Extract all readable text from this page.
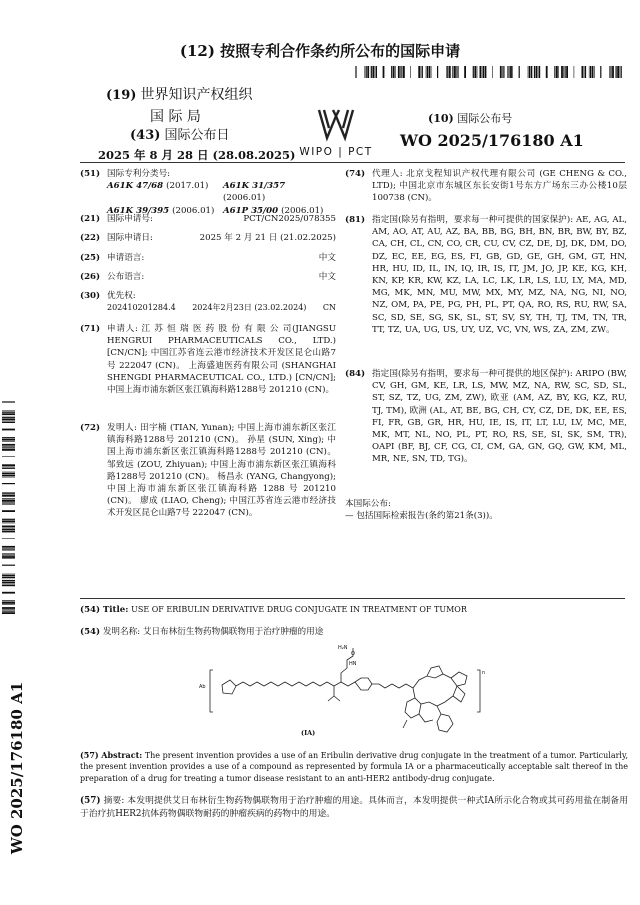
(12) 按照专利合作条约所公布的国际申请
(19) 世界知识产权组织
国 际 局
(43) 国际公布日
2025 年 8 月 28 日 (28.08.2025) WIPO | PCT
(10) 国际公布号
WO 2025/176180 A1
(51) 国际专利分类号:
A61K 47/68 (2017.01)	A61K 31/357 (2006.01)
A61K 39/395 (2006.01)	A61P 35/00 (2006.01)
(21) 国际申请号:	PCT/CN2025/078355
(22) 国际申请日:	2025 年 2 月 21 日 (21.02.2025)
(25) 申请语言:	中文
(26) 公布语言:	中文
(30) 优先权:
202410201284.4 2024年2月23日 (23.02.2024) CN
(71) 申请人: 江 苏 恒 瑞 医 药 股 份 有 限 公 司(JIANGSU HENGRUI PHARMACEUTICALS CO., LTD.) [CN/CN]; 中国江苏省连云港市经济技术开发区昆仑山路7号 222047 (CN)。 上海盛迪医药有限公司 (SHANGHAI SHENGDI PHARMACEUTICAL CO., LTD.) [CN/CN]; 中国上海市浦东新区张江镇海科路1288号 201210 (CN)。
(72) 发明人: 田宇楠 (TIAN, Yunan); 中国上海市浦东新区张江镇海科路1288号 201210 (CN)。 孙星 (SUN, Xing); 中国上海市浦东新区张江镇海科路1288号 201210 (CN)。 邹致远 (ZOU, Zhiyuan); 中国上海市浦东新区张江镇海科路1288号 201210 (CN)。 杨昌永 (YANG, Changyong); 中国上海市浦东新区张江镇海科路 1288 号 201210 (CN)。 廖成 (LIAO, Cheng); 中国江苏省连云港市经济技术开发区昆仑山路7号 222047 (CN)。
(74) 代理人: 北京戈程知识产权代理有限公司 (GE CHENG & CO., LTD); 中国北京市东城区东长安街1号东方广场东三办公楼10层 100738 (CN)。
(81) 指定国(除另有指明，要求每一种可提供的国家保护): AE, AG, AL, AM, AO, AT, AU, AZ, BA, BB, BG, BH, BN, BR, BW, BY, BZ, CA, CH, CL, CN, CO, CR, CU, CV, CZ, DE, DJ, DK, DM, DO, DZ, EC, EE, EG, ES, FI, GB, GD, GE, GH, GM, GT, HN, HR, HU, ID, IL, IN, IQ, IR, IS, IT, JM, JO, JP, KE, KG, KH, KN, KP, KR, KW, KZ, LA, LC, LK, LR, LS, LU, LY, MA, MD, MG, MK, MN, MU, MW, MX, MY, MZ, NA, NG, NI, NO, NZ, OM, PA, PE, PG, PH, PL, PT, QA, RO, RS, RU, RW, SA, SC, SD, SE, SG, SK, SL, ST, SV, SY, TH, TJ, TM, TN, TR, TT, TZ, UA, UG, US, UY, UZ, VC, VN, WS, ZA, ZM, ZW。
(84) 指定国(除另有指明，要求每一种可提供的地区保护): ARIPO (BW, CV, GH, GM, KE, LR, LS, MW, MZ, NA, RW, SC, SD, SL, ST, SZ, TZ, UG, ZM, ZW), 欧亚 (AM, AZ, BY, KG, KZ, RU, TJ, TM), 欧洲 (AL, AT, BE, BG, CH, CY, CZ, DE, DK, EE, ES, FI, FR, GB, GR, HR, HU, IE, IS, IT, LT, LU, LV, MC, ME, MK, MT, NL, NO, PL, PT, RO, RS, SE, SI, SK, SM, TR), OAPI (BF, BJ, CF, CG, CI, CM, GA, GN, GQ, GW, KM, ML, MR, NE, SN, TD, TG)。
本国际公布:
— 包括国际检索报告(条约第21条(3))。
(54) Title: USE OF ERIBULIN DERIVATIVE DRUG CONJUGATE IN TREATMENT OF TUMOR
(54) 发明名称: 艾日布林衍生物药物偶联物用于治疗肿瘤的用途
Ab
n
H₂N
O
HN
(IA)
(57) Abstract: The present invention provides a use of an Eribulin derivative drug conjugate in the treatment of a tumor. Particularly, the present invention provides a use of a compound as represented by formula IA or a pharmaceutically acceptable salt thereof in the preparation of a drug for treating a tumor disease resistant to an anti-HER2 antibody-drug conjugate.
(57) 摘要: 本发明提供艾日布林衍生物药物偶联物用于治疗肿瘤的用途。具体而言，本发明提供一种式IA所示化合物或其可药用盐在制备用于治疗抗HER2抗体药物偶联物耐药的肿瘤疾病的药物中的用途。
WO 2025/176180 A1
